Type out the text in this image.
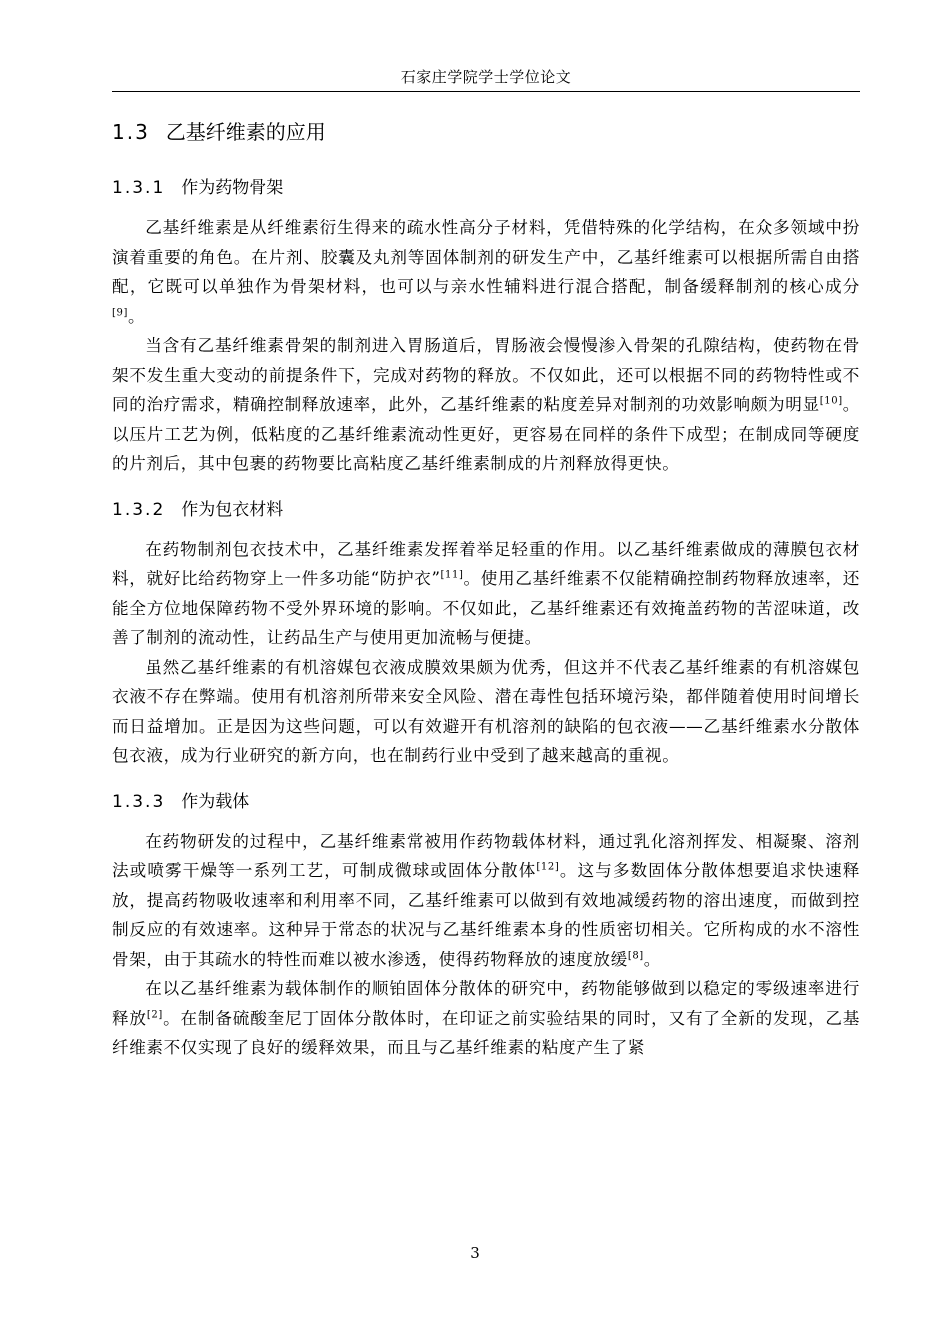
石家庄学院学士学位论文
1.3 乙基纤维素的应用
1.3.1 作为药物骨架

乙基纤维素是从纤维素衍生得来的疏水性高分子材料，凭借特殊的化学结构，在众多领域中扮演着重要的角色。在片剂、胶囊及丸剂等固体制剂的研发生产中，乙基纤维素可以根据所需自由搭配，它既可以单独作为骨架材料，也可以与亲水性辅料进行混合搭配，制备缓释制剂的核心成分[9]。

当含有乙基纤维素骨架的制剂进入胃肠道后，胃肠液会慢慢渗入骨架的孔隙结构，使药物在骨架不发生重大变动的前提条件下，完成对药物的释放。不仅如此，还可以根据不同的药物特性或不同的治疗需求，精确控制释放速率，此外，乙基纤维素的粘度差异对制剂的功效影响颇为明显[10]。以压片工艺为例，低粘度的乙基纤维素流动性更好，更容易在同样的条件下成型；在制成同等硬度的片剂后，其中包裹的药物要比高粘度乙基纤维素制成的片剂释放得更快。

1.3.2 作为包衣材料

在药物制剂包衣技术中，乙基纤维素发挥着举足轻重的作用。以乙基纤维素做成的薄膜包衣材料，就好比给药物穿上一件多功能“防护衣”[11]。使用乙基纤维素不仅能精确控制药物释放速率，还能全方位地保障药物不受外界环境的影响。不仅如此，乙基纤维素还有效掩盖药物的苦涩味道，改善了制剂的流动性，让药品生产与使用更加流畅与便捷。

虽然乙基纤维素的有机溶媒包衣液成膜效果颇为优秀，但这并不代表乙基纤维素的有机溶媒包衣液不存在弊端。使用有机溶剂所带来安全风险、潜在毒性包括环境污染，都伴随着使用时间增长而日益增加。正是因为这些问题，可以有效避开有机溶剂的缺陷的包衣液——乙基纤维素水分散体包衣液，成为行业研究的新方向，也在制药行业中受到了越来越高的重视。

1.3.3 作为载体

在药物研发的过程中，乙基纤维素常被用作药物载体材料，通过乳化溶剂挥发、相凝聚、溶剂法或喷雾干燥等一系列工艺，可制成微球或固体分散体[12]。这与多数固体分散体想要追求快速释放，提高药物吸收速率和利用率不同，乙基纤维素可以做到有效地减缓药物的溶出速度，而做到控制反应的有效速率。这种异于常态的状况与乙基纤维素本身的性质密切相关。它所构成的水不溶性骨架，由于其疏水的特性而难以被水渗透，使得药物释放的速度放缓[8]。

在以乙基纤维素为载体制作的顺铂固体分散体的研究中，药物能够做到以稳定的零级速率进行释放[2]。在制备硫酸奎尼丁固体分散体时，在印证之前实验结果的同时，又有了全新的发现，乙基纤维素不仅实现了良好的缓释效果，而且与乙基纤维素的粘度产生了紧

3
